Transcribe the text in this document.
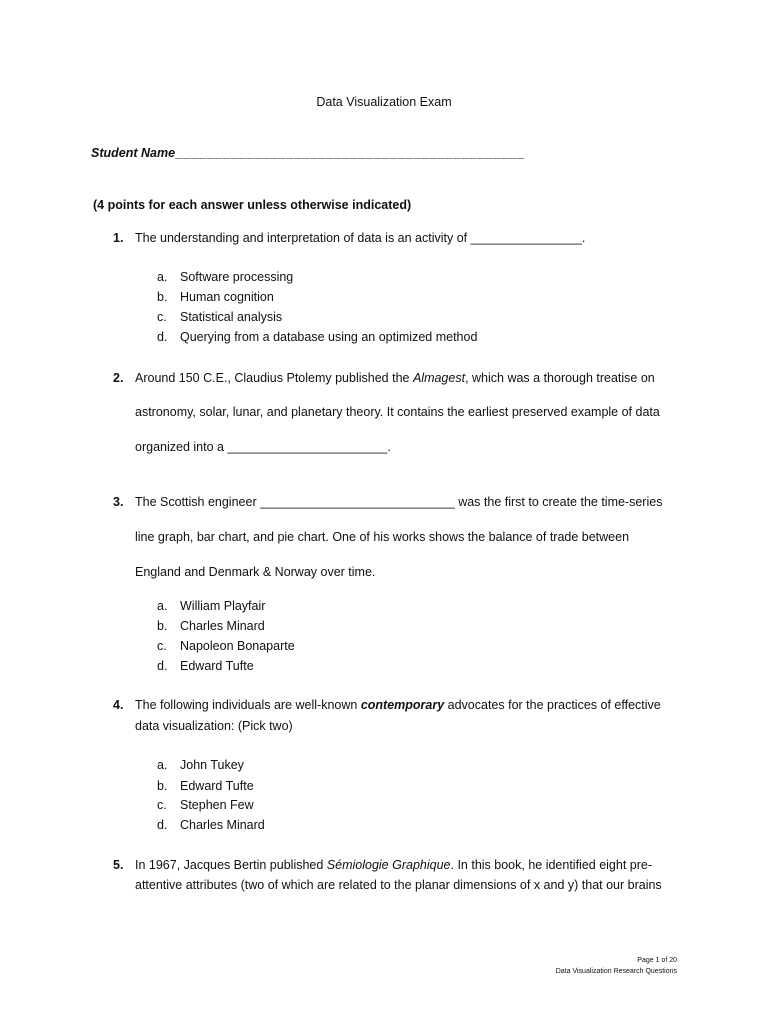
Data Visualization Exam
Student Name____________________________________________
(4 points for each answer unless otherwise indicated)
1. The understanding and interpretation of data is an activity of ________________.
a. Software processing
b. Human cognition
c. Statistical analysis
d. Querying from a database using an optimized method
2. Around 150 C.E., Claudius Ptolemy published the Almagest, which was a thorough treatise on
astronomy, solar, lunar, and planetary theory. It contains the earliest preserved example of data
organized into a _______________________.
3. The Scottish engineer ____________________________ was the first to create the time-series
line graph, bar chart, and pie chart. One of his works shows the balance of trade between
England and Denmark & Norway over time.
a. William Playfair
b. Charles Minard
c. Napoleon Bonaparte
d. Edward Tufte
4. The following individuals are well-known contemporary advocates for the practices of effective
data visualization: (Pick two)
a. John Tukey
b. Edward Tufte
c. Stephen Few
d. Charles Minard
5. In 1967, Jacques Bertin published Sémiologie Graphique. In this book, he identified eight pre-
attentive attributes (two of which are related to the planar dimensions of x and y) that our brains
Page 1 of 20
Data Visualization Research Questions
